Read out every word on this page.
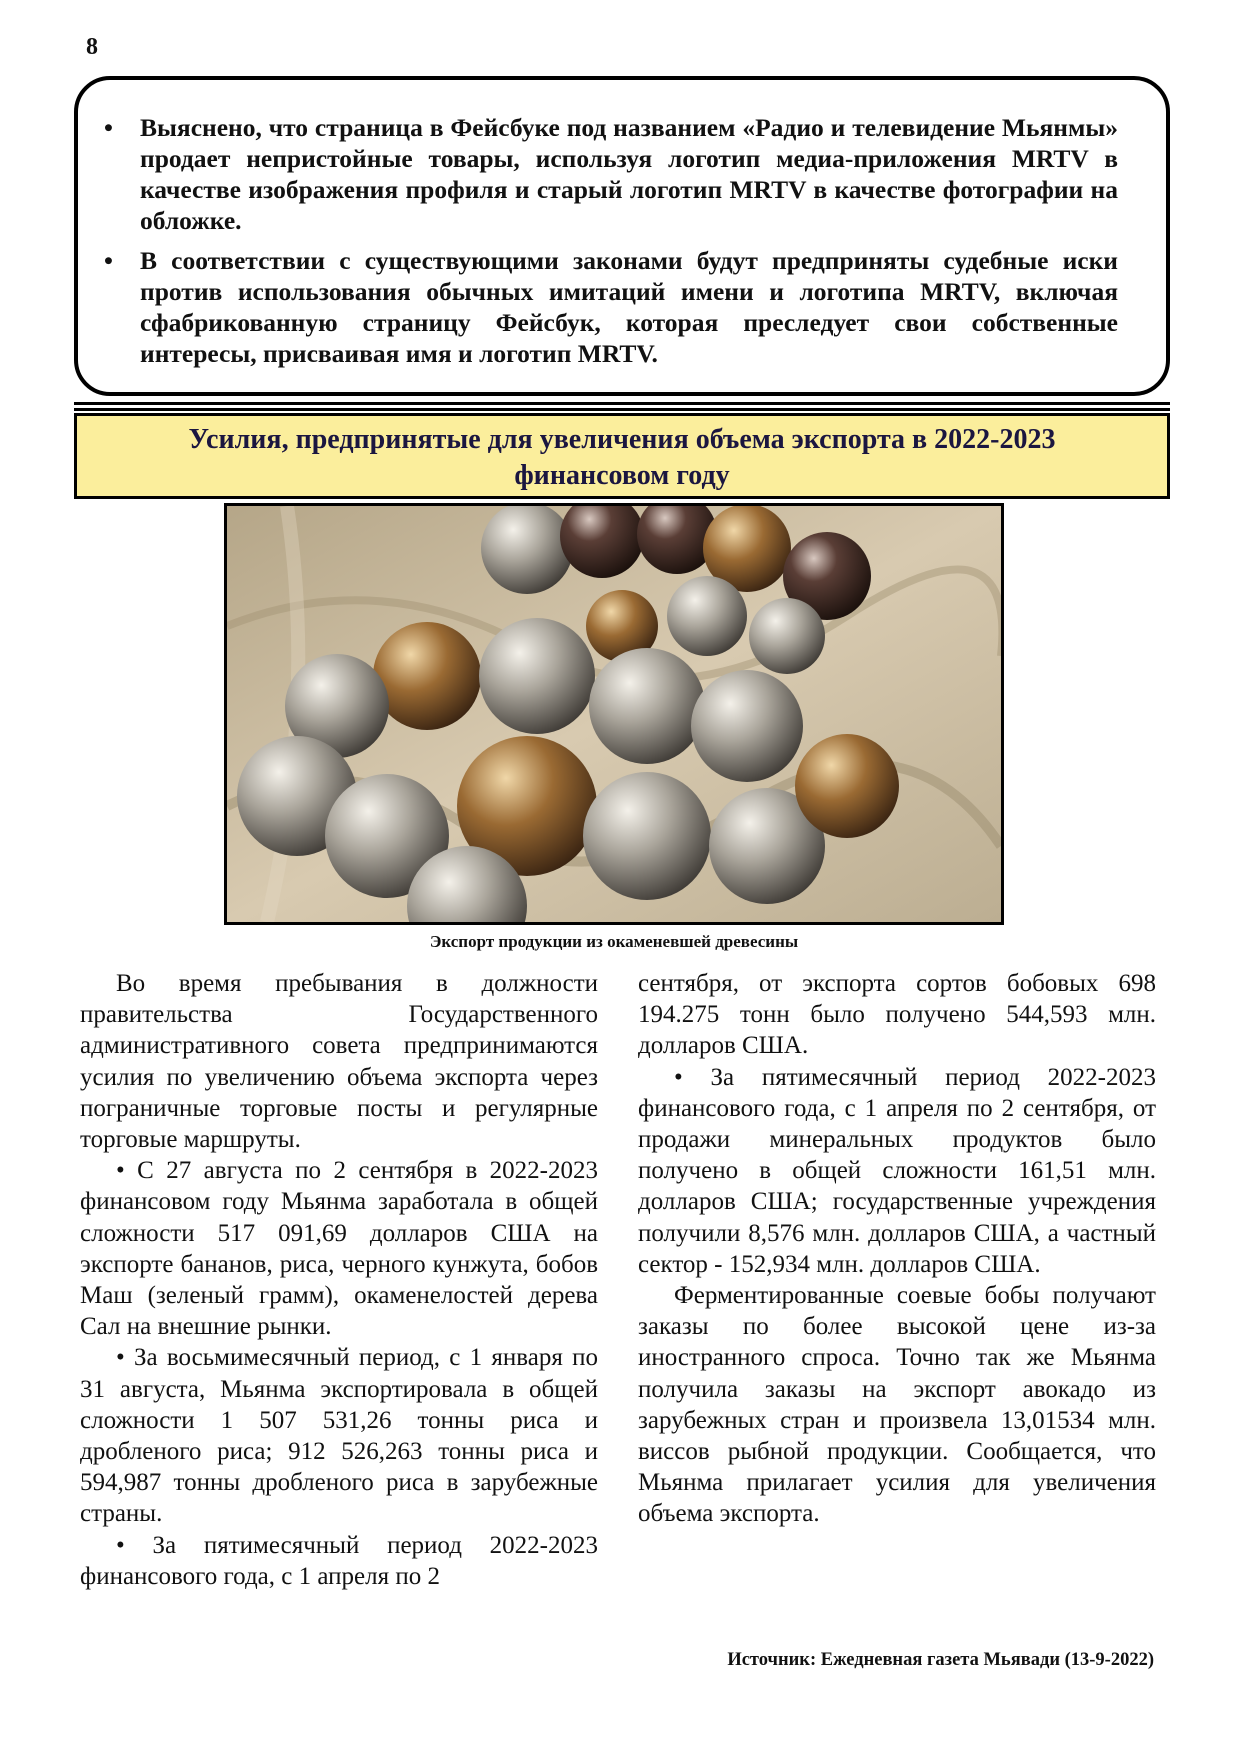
8
• Выяснено, что страница в Фейсбуке под названием «Радио и телевидение Мьянмы» продает непристойные товары, используя логотип медиа-приложения MRTV в качестве изображения профиля и старый логотип MRTV в качестве фотографии на обложке.
• В соответствии с существующими законами будут предприняты судебные иски против использования обычных имитаций имени и логотипа MRTV, включая сфабрикованную страницу Фейсбук, которая преследует свои собственные интересы, присваивая имя и логотип MRTV.
Усилия, предпринятые для увеличения объема экспорта в 2022-2023
финансовом году
Экспорт продукции из окаменевшей древесины

Во время пребывания в должности правительства Государственного административного совета предпринимаются усилия по увеличению объема экспорта через пограничные торговые посты и регулярные торговые маршруты.

• С 27 августа по 2 сентября в 2022-2023 финансовом году Мьянма заработала в общей сложности 517 091,69 долларов США на экспорте бананов, риса, черного кунжута, бобов Маш (зеленый грамм), окаменелостей дерева Сал на внешние рынки.

• За восьмимесячный период, с 1 января по 31 августа, Мьянма экспортировала в общей сложности 1 507 531,26 тонны риса и дробленого риса; 912 526,263 тонны риса и 594,987 тонны дробленого риса в зарубежные страны.

• За пятимесячный период 2022-2023 финансового года, с 1 апреля по 2

сентября, от экспорта сортов бобовых 698 194.275 тонн было получено 544,593 млн. долларов США.

• За пятимесячный период 2022-2023 финансового года, с 1 апреля по 2 сентября, от продажи минеральных продуктов было получено в общей сложности 161,51 млн. долларов США; государственные учреждения получили 8,576 млн. долларов США, а частный сектор - 152,934 млн. долларов США.

Ферментированные соевые бобы получают заказы по более высокой цене из-за иностранного спроса. Точно так же Мьянма получила заказы на экспорт авокадо из зарубежных стран и произвела 13,01534 млн. виссов рыбной продукции. Сообщается, что Мьянма прилагает усилия для увеличения объема экспорта.

Источник: Ежедневная газета Мьявади (13-9-2022)
